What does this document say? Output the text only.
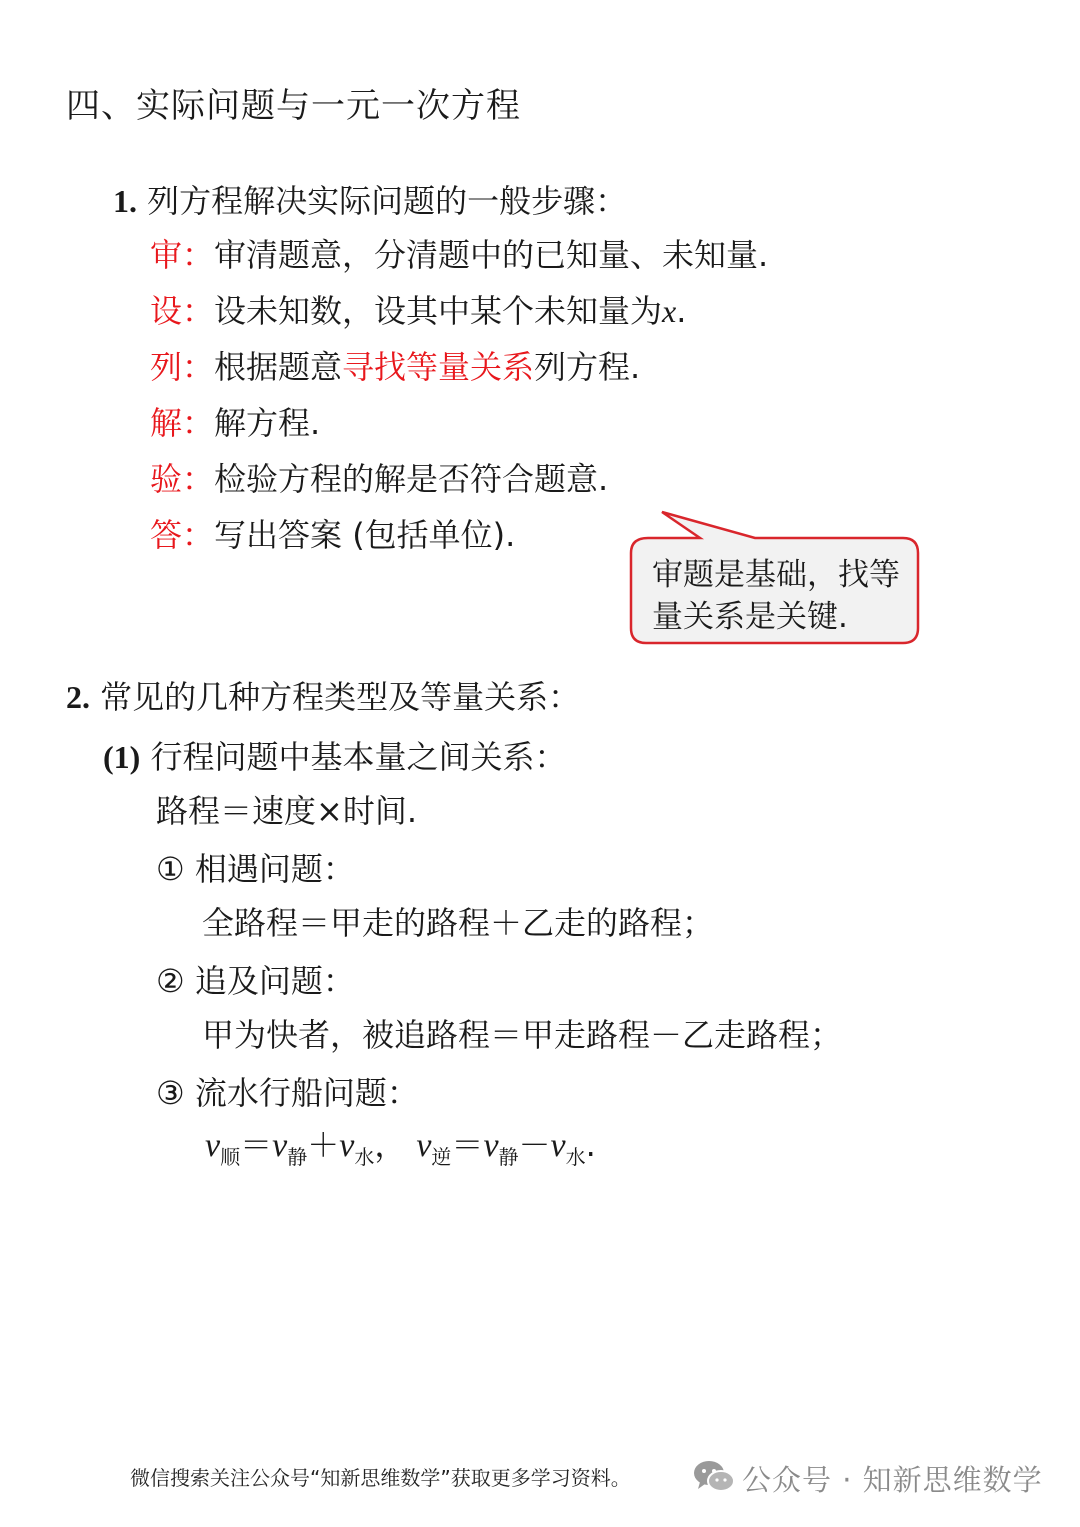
四、实际问题与一元一次方程
1. 列方程解决实际问题的一般步骤：
审：审清题意，分清题中的已知量、未知量.
设：设未知数，设其中某个未知量为x.
列：根据题意寻找等量关系列方程.
解：解方程.
验：检验方程的解是否符合题意.
答：写出答案 (包括单位).
审题是基础，找等量关系是关键.
2. 常见的几种方程类型及等量关系：
(1) 行程问题中基本量之间关系：
路程＝速度×时间.
① 相遇问题：
全路程＝甲走的路程＋乙走的路程；
② 追及问题：
甲为快者，被追路程＝甲走路程－乙走路程；
③ 流水行船问题：
$v_顺=v_静+v_水$， $v_逆=v_静-v_水$.
微信搜索关注公众号“知新思维数学”获取更多学习资料。	公众号 · 知新思维数学
